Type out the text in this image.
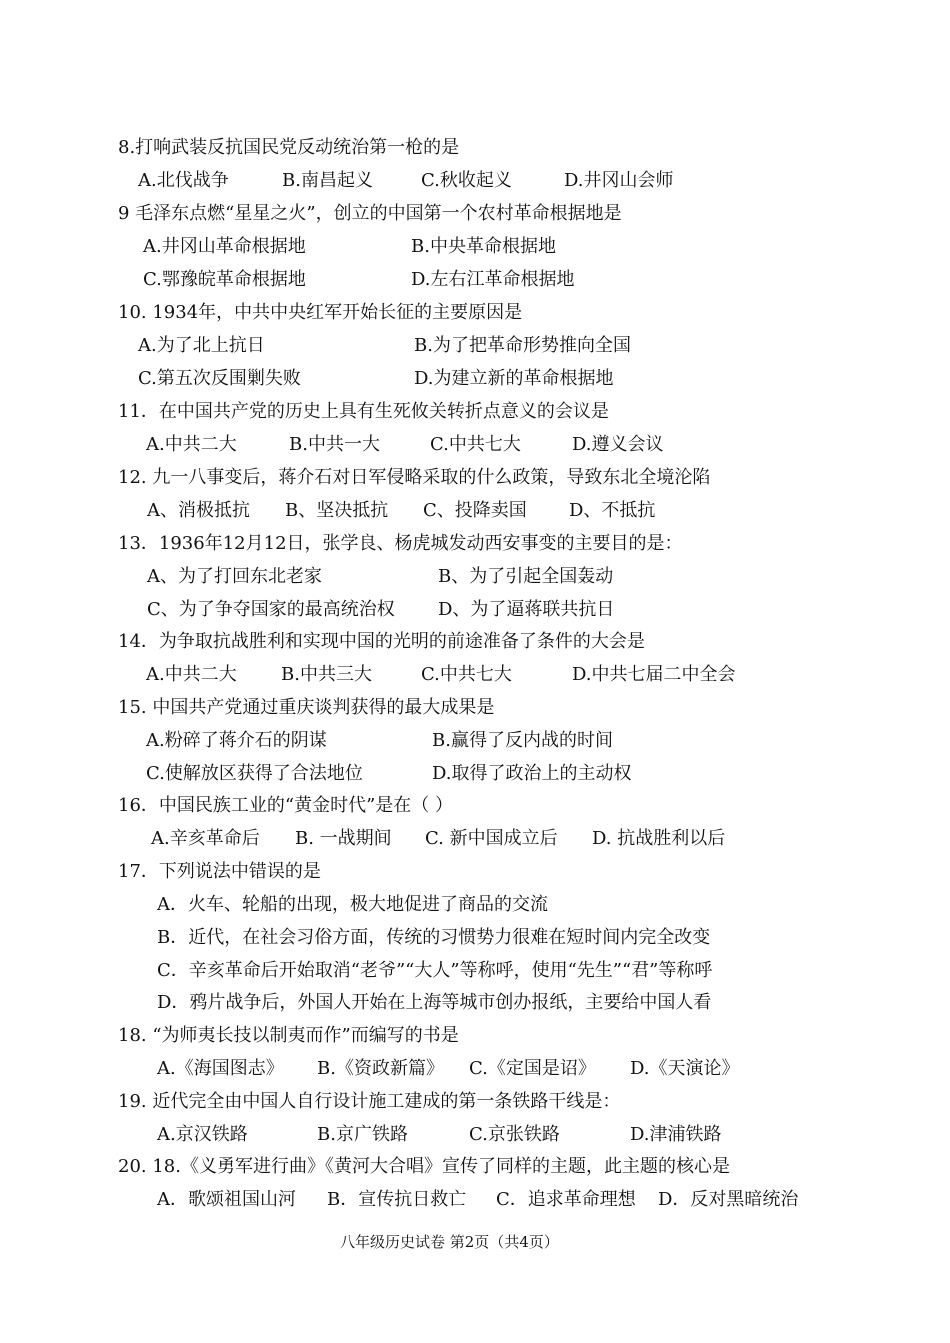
8.打响武装反抗国民党反动统治第一枪的是
A.北伐战争	B.南昌起义	C.秋收起义	D.井冈山会师
9 毛泽东点燃“星星之火”，创立的中国第一个农村革命根据地是
A.井冈山革命根据地	B.中央革命根据地
C.鄂豫皖革命根据地	D.左右江革命根据地
10. 1934年，中共中央红军开始长征的主要原因是
A.为了北上抗日	B.为了把革命形势推向全国
C.第五次反围剿失败	D.为建立新的革命根据地
11．在中国共产党的历史上具有生死攸关转折点意义的会议是
A.中共二大	B.中共一大	C.中共七大	D.遵义会议
12. 九一八事变后，蒋介石对日军侵略采取的什么政策，导致东北全境沦陷
A、消极抵抗 B、坚决抵抗 C、投降卖国 D、不抵抗
13．1936年12月12日，张学良、杨虎城发动西安事变的主要目的是：
A、为了打回东北老家	B、为了引起全国轰动
C、为了争夺国家的最高统治权 D、为了逼蒋联共抗日
14．为争取抗战胜利和实现中国的光明的前途准备了条件的大会是
A.中共二大 B.中共三大	C.中共七大	D.中共七届二中全会
15. 中国共产党通过重庆谈判获得的最大成果是
A.粉碎了蒋介石的阴谋	B.赢得了反内战的时间
C.使解放区获得了合法地位	D.取得了政治上的主动权
16．中国民族工业的“黄金时代”是在（ ）
A.辛亥革命后 B. 一战期间 C. 新中国成立后 D. 抗战胜利以后
17．下列说法中错误的是
A．火车、轮船的出现，极大地促进了商品的交流
B．近代，在社会习俗方面，传统的习惯势力很难在短时间内完全改变
C．辛亥革命后开始取消“老爷”“大人”等称呼，使用“先生”“君”等称呼
D．鸦片战争后，外国人开始在上海等城市创办报纸，主要给中国人看
18. “为师夷长技以制夷而作”而编写的书是
A.《海国图志》 B.《资政新篇》 C.《定国是诏》 D.《天演论》
19. 近代完全由中国人自行设计施工建成的第一条铁路干线是：
A.京汉铁路	B.京广铁路	C.京张铁路	D.津浦铁路
20. 18.《义勇军进行曲》《黄河大合唱》宣传了同样的主题，此主题的核心是
A．歌颂祖国山河 B．宣传抗日救亡 C．追求革命理想 D．反对黑暗统治
八年级历史试卷 第2页（共4页）
